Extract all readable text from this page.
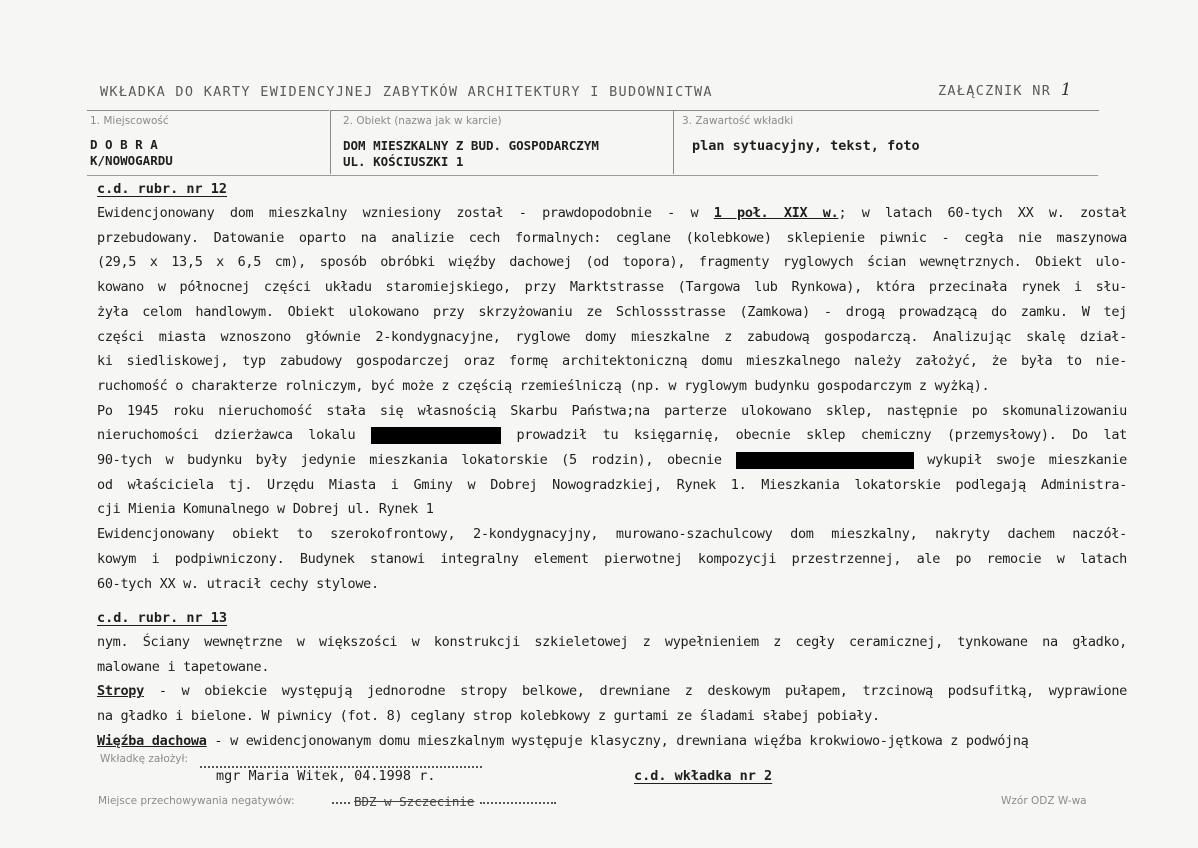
WKŁADKA DO KARTY EWIDENCYJNEJ ZABYTKÓW ARCHITEKTURY I BUDOWNICTWA	ZAŁĄCZNIK NR 1
1. Miejscowość
D O B R A
K/NOWOGARDU
2. Obiekt (nazwa jak w karcie)
DOM MIESZKALNY Z BUD. GOSPODARCZYM
UL. KOŚCIUSZKI 1
3. Zawartość wkładki
plan sytuacyjny, tekst, foto
c.d. rubr. nr 12
Ewidencjonowany dom mieszkalny wzniesiony został - prawdopodobnie - w 1 poł. XIX w.; w latach 60-tych XX w. został
przebudowany. Datowanie oparto na analizie cech formalnych: ceglane (kolebkowe) sklepienie piwnic - cegła nie maszynowa
(29,5 x 13,5 x 6,5 cm), sposób obróbki więźby dachowej (od topora), fragmenty ryglowych ścian wewnętrznych. Obiekt ulo-
kowano w północnej części układu staromiejskiego, przy Marktstrasse (Targowa lub Rynkowa), która przecinała rynek i słu-
żyła celom handlowym. Obiekt ulokowano przy skrzyżowaniu ze Schlossstrasse (Zamkowa) - drogą prowadzącą do zamku. W tej
części miasta wznoszono głównie 2-kondygnacyjne, ryglowe domy mieszkalne z zabudową gospodarczą. Analizując skalę dział-
ki siedliskowej, typ zabudowy gospodarczej oraz formę architektoniczną domu mieszkalnego należy założyć, że była to nie-
ruchomość o charakterze rolniczym, być może z częścią rzemieślniczą (np. w ryglowym budynku gospodarczym z wyżką).
Po 1945 roku nieruchomość stała się własnością Skarbu Państwa;na parterze ulokowano sklep, następnie po skomunalizowaniu
nieruchomości dzierżawca lokalu	prowadził tu księgarnię, obecnie sklep chemiczny (przemysłowy). Do lat
90-tych w budynku były jedynie mieszkania lokatorskie (5 rodzin), obecnie	wykupił swoje mieszkanie
od właściciela tj. Urzędu Miasta i Gminy w Dobrej Nowogradzkiej, Rynek 1. Mieszkania lokatorskie podlegają Administra-
cji Mienia Komunalnego w Dobrej ul. Rynek 1
Ewidencjonowany obiekt to szerokofrontowy, 2-kondygnacyjny, murowano-szachulcowy dom mieszkalny, nakryty dachem naczół-
kowym i podpiwniczony. Budynek stanowi integralny element pierwotnej kompozycji przestrzennej, ale po remocie w latach
60-tych XX w. utracił cechy stylowe.
c.d. rubr. nr 13
nym. Ściany wewnętrzne w większości w konstrukcji szkieletowej z wypełnieniem z cegły ceramicznej, tynkowane na gładko,
malowane i tapetowane.
Stropy - w obiekcie występują jednorodne stropy belkowe, drewniane z deskowym pułapem, trzcinową podsufitką, wyprawione
na gładko i bielone. W piwnicy (fot. 8) ceglany strop kolebkowy z gurtami ze śladami słabej pobiały.
Więźba dachowa - w ewidencjonowanym domu mieszkalnym występuje klasyczny, drewniana więźba krokwiowo-jętkowa z podwójną
Wkładkę założył:
mgr Maria Witek, 04.1998 r.	c.d. wkładka nr 2
Miejsce przechowywania negatywów:	BDZ w Szczecinie	Wzór ODZ W-wa
